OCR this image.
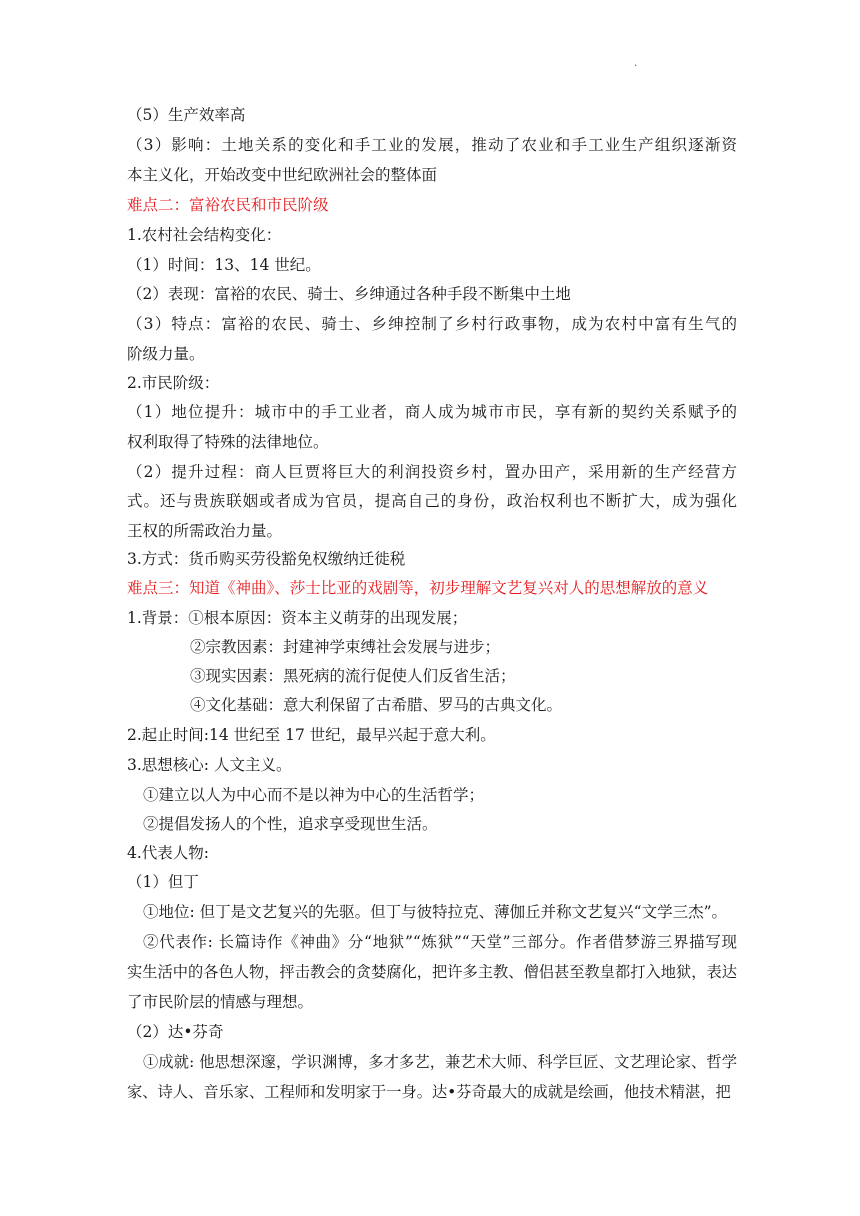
.
（5）生产效率高
（3）影响：土地关系的变化和手工业的发展，推动了农业和手工业生产组织逐渐资
本主义化，开始改变中世纪欧洲社会的整体面
难点二：富裕农民和市民阶级
1.农村社会结构变化：
（1）时间：13、14 世纪。
（2）表现：富裕的农民、骑士、乡绅通过各种手段不断集中土地
（3）特点：富裕的农民、骑士、乡绅控制了乡村行政事物，成为农村中富有生气的
阶级力量。
2.市民阶级：
（1）地位提升：城市中的手工业者，商人成为城市市民，享有新的契约关系赋予的
权利取得了特殊的法律地位。
（2）提升过程：商人巨贾将巨大的利润投资乡村，置办田产，采用新的生产经营方
式。还与贵族联姻或者成为官员，提高自己的身份，政治权利也不断扩大，成为强化
王权的所需政治力量。
3.方式：货币购买劳役豁免权缴纳迁徙税
难点三：知道《神曲》、莎士比亚的戏剧等，初步理解文艺复兴对人的思想解放的意义
1.背景：①根本原因：资本主义萌芽的出现发展；
②宗教因素：封建神学束缚社会发展与进步；
③现实因素：黑死病的流行促使人们反省生活；
④文化基础：意大利保留了古希腊、罗马的古典文化。
2.起止时间:14 世纪至 17 世纪，最早兴起于意大利。
3.思想核心: 人文主义。
①建立以人为中心而不是以神为中心的生活哲学；
②提倡发扬人的个性，追求享受现世生活。
4.代表人物:
（1）但丁
①地位: 但丁是文艺复兴的先驱。但丁与彼特拉克、薄伽丘并称文艺复兴“文学三杰”。
②代表作: 长篇诗作《神曲》分“地狱”“炼狱”“天堂”三部分。作者借梦游三界描写现
实生活中的各色人物，抨击教会的贪婪腐化，把许多主教、僧侣甚至教皇都打入地狱，表达
了市民阶层的情感与理想。
（2）达•芬奇
①成就: 他思想深邃，学识渊博，多才多艺，兼艺术大师、科学巨匠、文艺理论家、哲学
家、诗人、音乐家、工程师和发明家于一身。达•芬奇最大的成就是绘画，他技术精湛，把
